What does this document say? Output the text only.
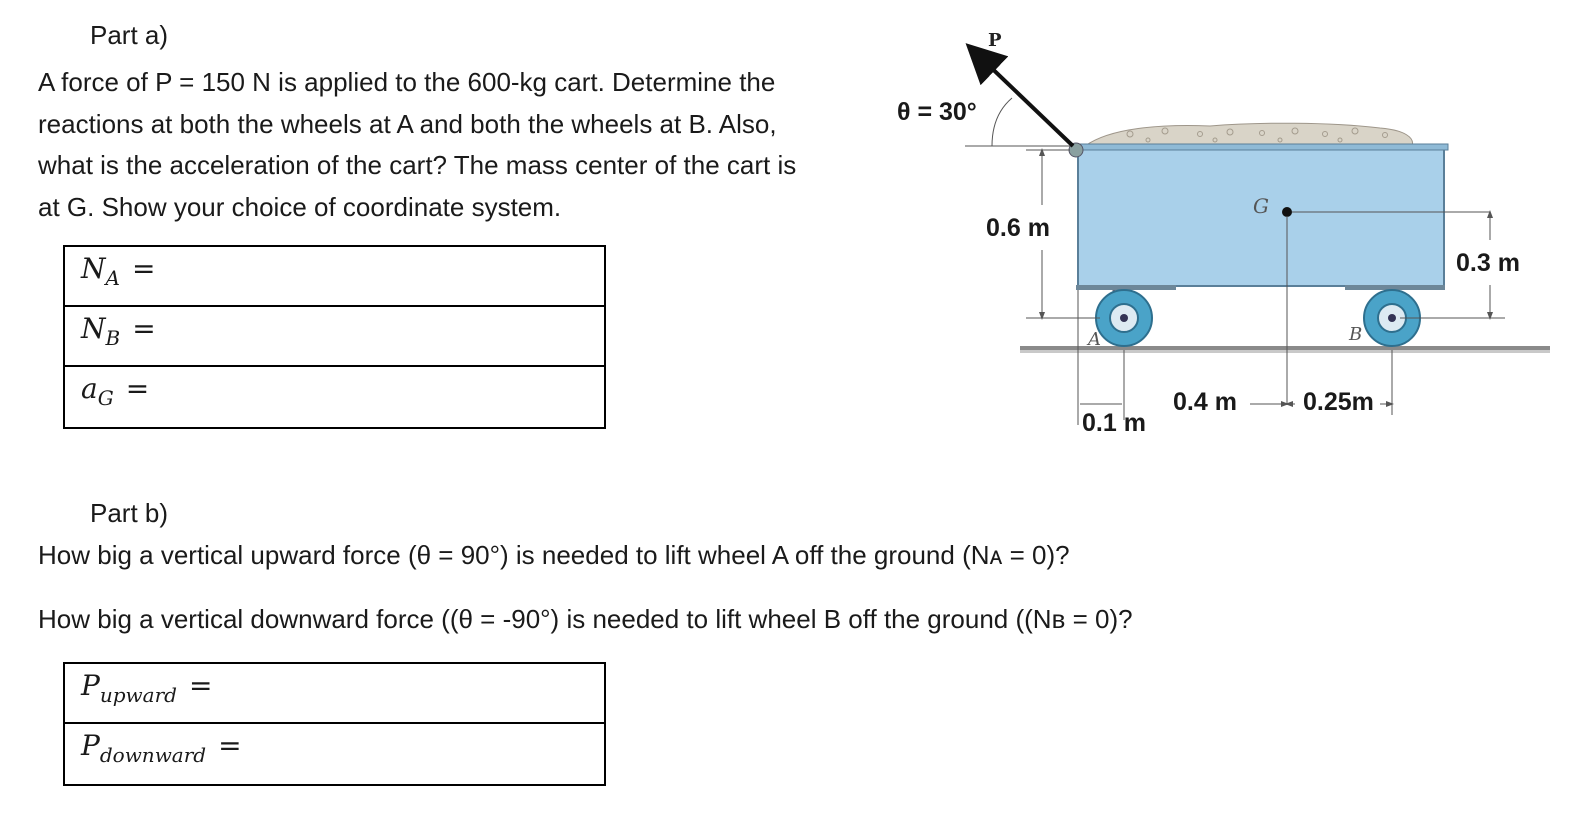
Part a)
A force of P = 150 N is applied to the 600-kg cart. Determine the
reactions at both the wheels at A and both the wheels at B. Also,
what is the acceleration of the cart? The mass center of the cart is
at G. Show your choice of coordinate system.
$N_A$ =
$N_B$ =
$a_G$ =
Part b)
How big a vertical upward force (θ = 90°) is needed to lift wheel A off the ground (Nᴀ = 0)?
How big a vertical downward force ((θ = -90°) is needed to lift wheel B off the ground ((Nʙ = 0)?
$P_{upward}$ =
$P_{downward}$ =
G
A	B
P
θ = 30°
0.6 m
0.3 m
0.1 m
0.4 m	0.25m
